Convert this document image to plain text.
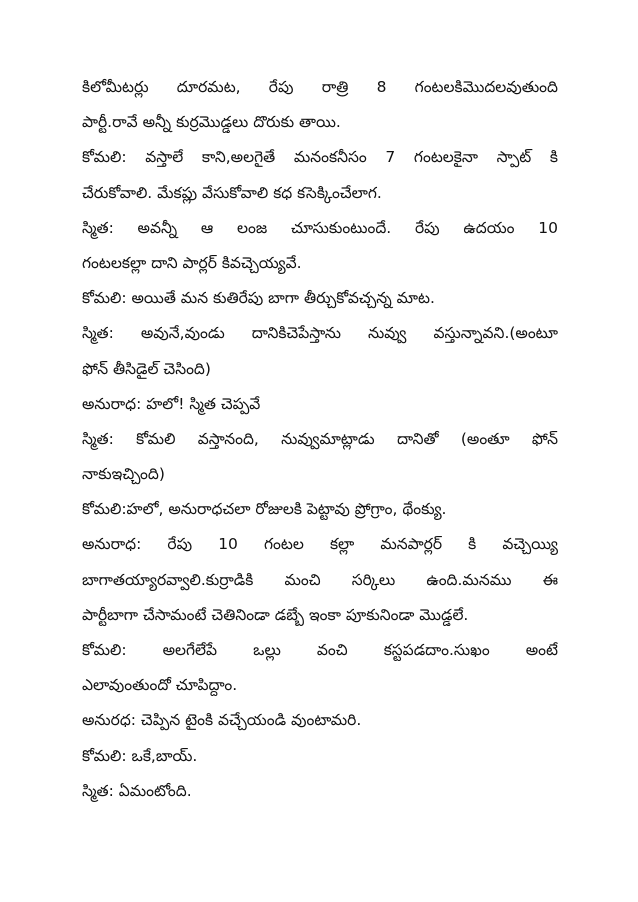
కిలోమీటర్లు దూరమట, రేపు రాత్రి 8 గంటలకిమొదలవుతుంది
పార్టీ.రావే అన్నీ కుర్రమొడ్డలు దొరుకు తాయి.
కోమలి: వస్తాలే కాని,అలగైతే మనంకనీసం 7 గంటలకైనా స్పాట్ కి
చేరుకోవాలి. మేకప్లు వేసుకోవాలి కధ కసెక్కించేలాగ.
స్మిత: అవన్నీ ఆ లంజ చూసుకుంటుందే. రేపు ఉదయం 10
గంటలకల్లా దాని పార్లర్ కివచ్చెయ్యవే.
కోమలి: అయితే మన కుతిరేపు బాగా తీర్చుకోవచ్చన్న మాట.
స్మిత: అవునే,వుండు దానికిచెపేస్తాను నువ్వు వస్తున్నావని.(అంటూ
ఫోన్ తీసిడైల్ చెసింది)
అనురాధ: హలో! స్మిత చెప్పవే
స్మిత: కోమలి వస్తానంది, నువ్వుమాట్లాడు దానితో (అంతూ ఫోన్
నాకుఇచ్చింది)
కోమలి:హలో, అనురాధచలా రోజులకి పెట్టావు ప్రోగ్రాం, థేంక్యు.
అనురాధ: రేపు 10 గంటల కల్లా మనపార్లర్ కి వచ్చెయ్యి
బాగాతయ్యారవ్వాలి.కుర్రాడికి మంచి సర్కిలు ఉంది.మనము ఈ
పార్టీబాగా చేసామంటే చెతినిండా డబ్బే ఇంకా పూకునిండా మొడ్డలే.
కోమలి: అలగేలేపే ఒల్లు వంచి కస్టపడదాం.సుఖం అంటే
ఎలావుంతుందో చూపిద్దాం.
అనురధ: చెప్పిన టైంకి వచ్చేయండి వుంటామరి.
కోమలి: ఒకే,బాయ్.
స్మిత: ఏమంటోంది.
